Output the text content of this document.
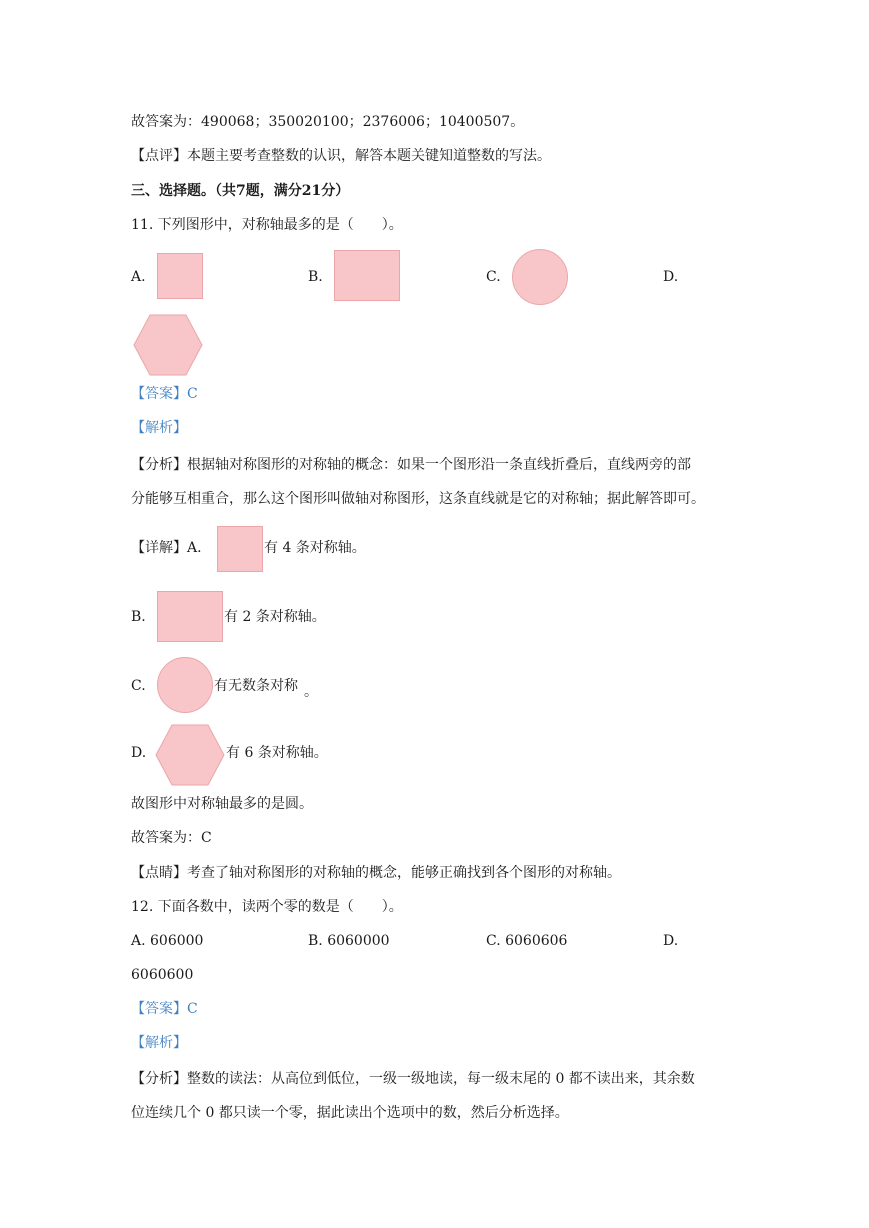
故答案为：490068；350020100；2376006；10400507。
【点评】本题主要考查整数的认识，解答本题关键知道整数的写法。
三、选择题。（共7题，满分21分）
11. 下列图形中，对称轴最多的是（　　）。
A.	B.	C.	D.
【答案】C
【解析】
【分析】根据轴对称图形的对称轴的概念：如果一个图形沿一条直线折叠后，直线两旁的部
分能够互相重合，那么这个图形叫做轴对称图形，这条直线就是它的对称轴；据此解答即可。
【详解】A.	有 4 条对称轴。
B.	有 2 条对称轴。
C.	有无数条对称 。
D.	有 6 条对称轴。
故图形中对称轴最多的是圆。
故答案为：C
【点睛】考查了轴对称图形的对称轴的概念，能够正确找到各个图形的对称轴。
12. 下面各数中，读两个零的数是（　　）。
A. 606000	B. 6060000	C. 6060606	D.
6060600
【答案】C
【解析】
【分析】整数的读法：从高位到低位，一级一级地读，每一级末尾的 0 都不读出来，其余数
位连续几个 0 都只读一个零，据此读出个选项中的数，然后分析选择。
